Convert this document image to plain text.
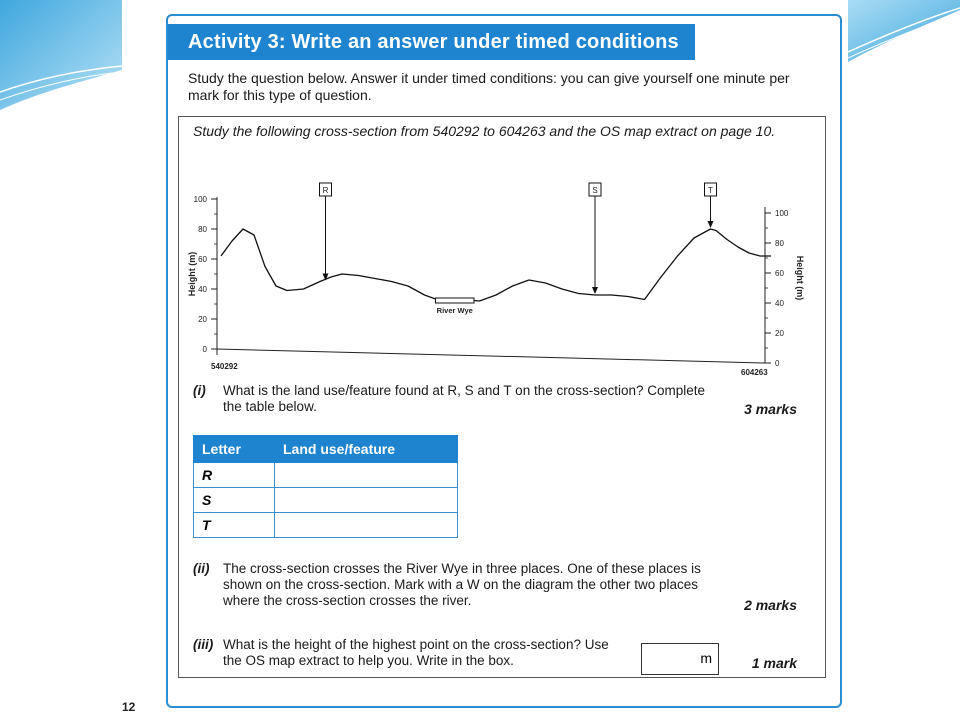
Activity 3: Write an answer under timed conditions
Study the question below. Answer it under timed conditions: you can give yourself one minute per mark for this type of question.
Study the following cross-section from 540292 to 604263 and the OS map extract on page 10.
0
20
40
60
80
100
Height (m)
0
20
40
60
80
100
Height (m)
540292
604263
River Wye
R	S	T
(i) What is the land use/feature found at R, S and T on the cross-section? Complete the table below.	3 marks
Letter	Land use/feature
R	
S	
T	
(ii) The cross-section crosses the River Wye in three places. One of these places is shown on the cross-section. Mark with a W on the diagram the other two places where the cross-section crosses the river.	2 marks
(iii) What is the height of the highest point on the cross-section? Use the OS map extract to help you. Write in the box.	1 mark
m
12
